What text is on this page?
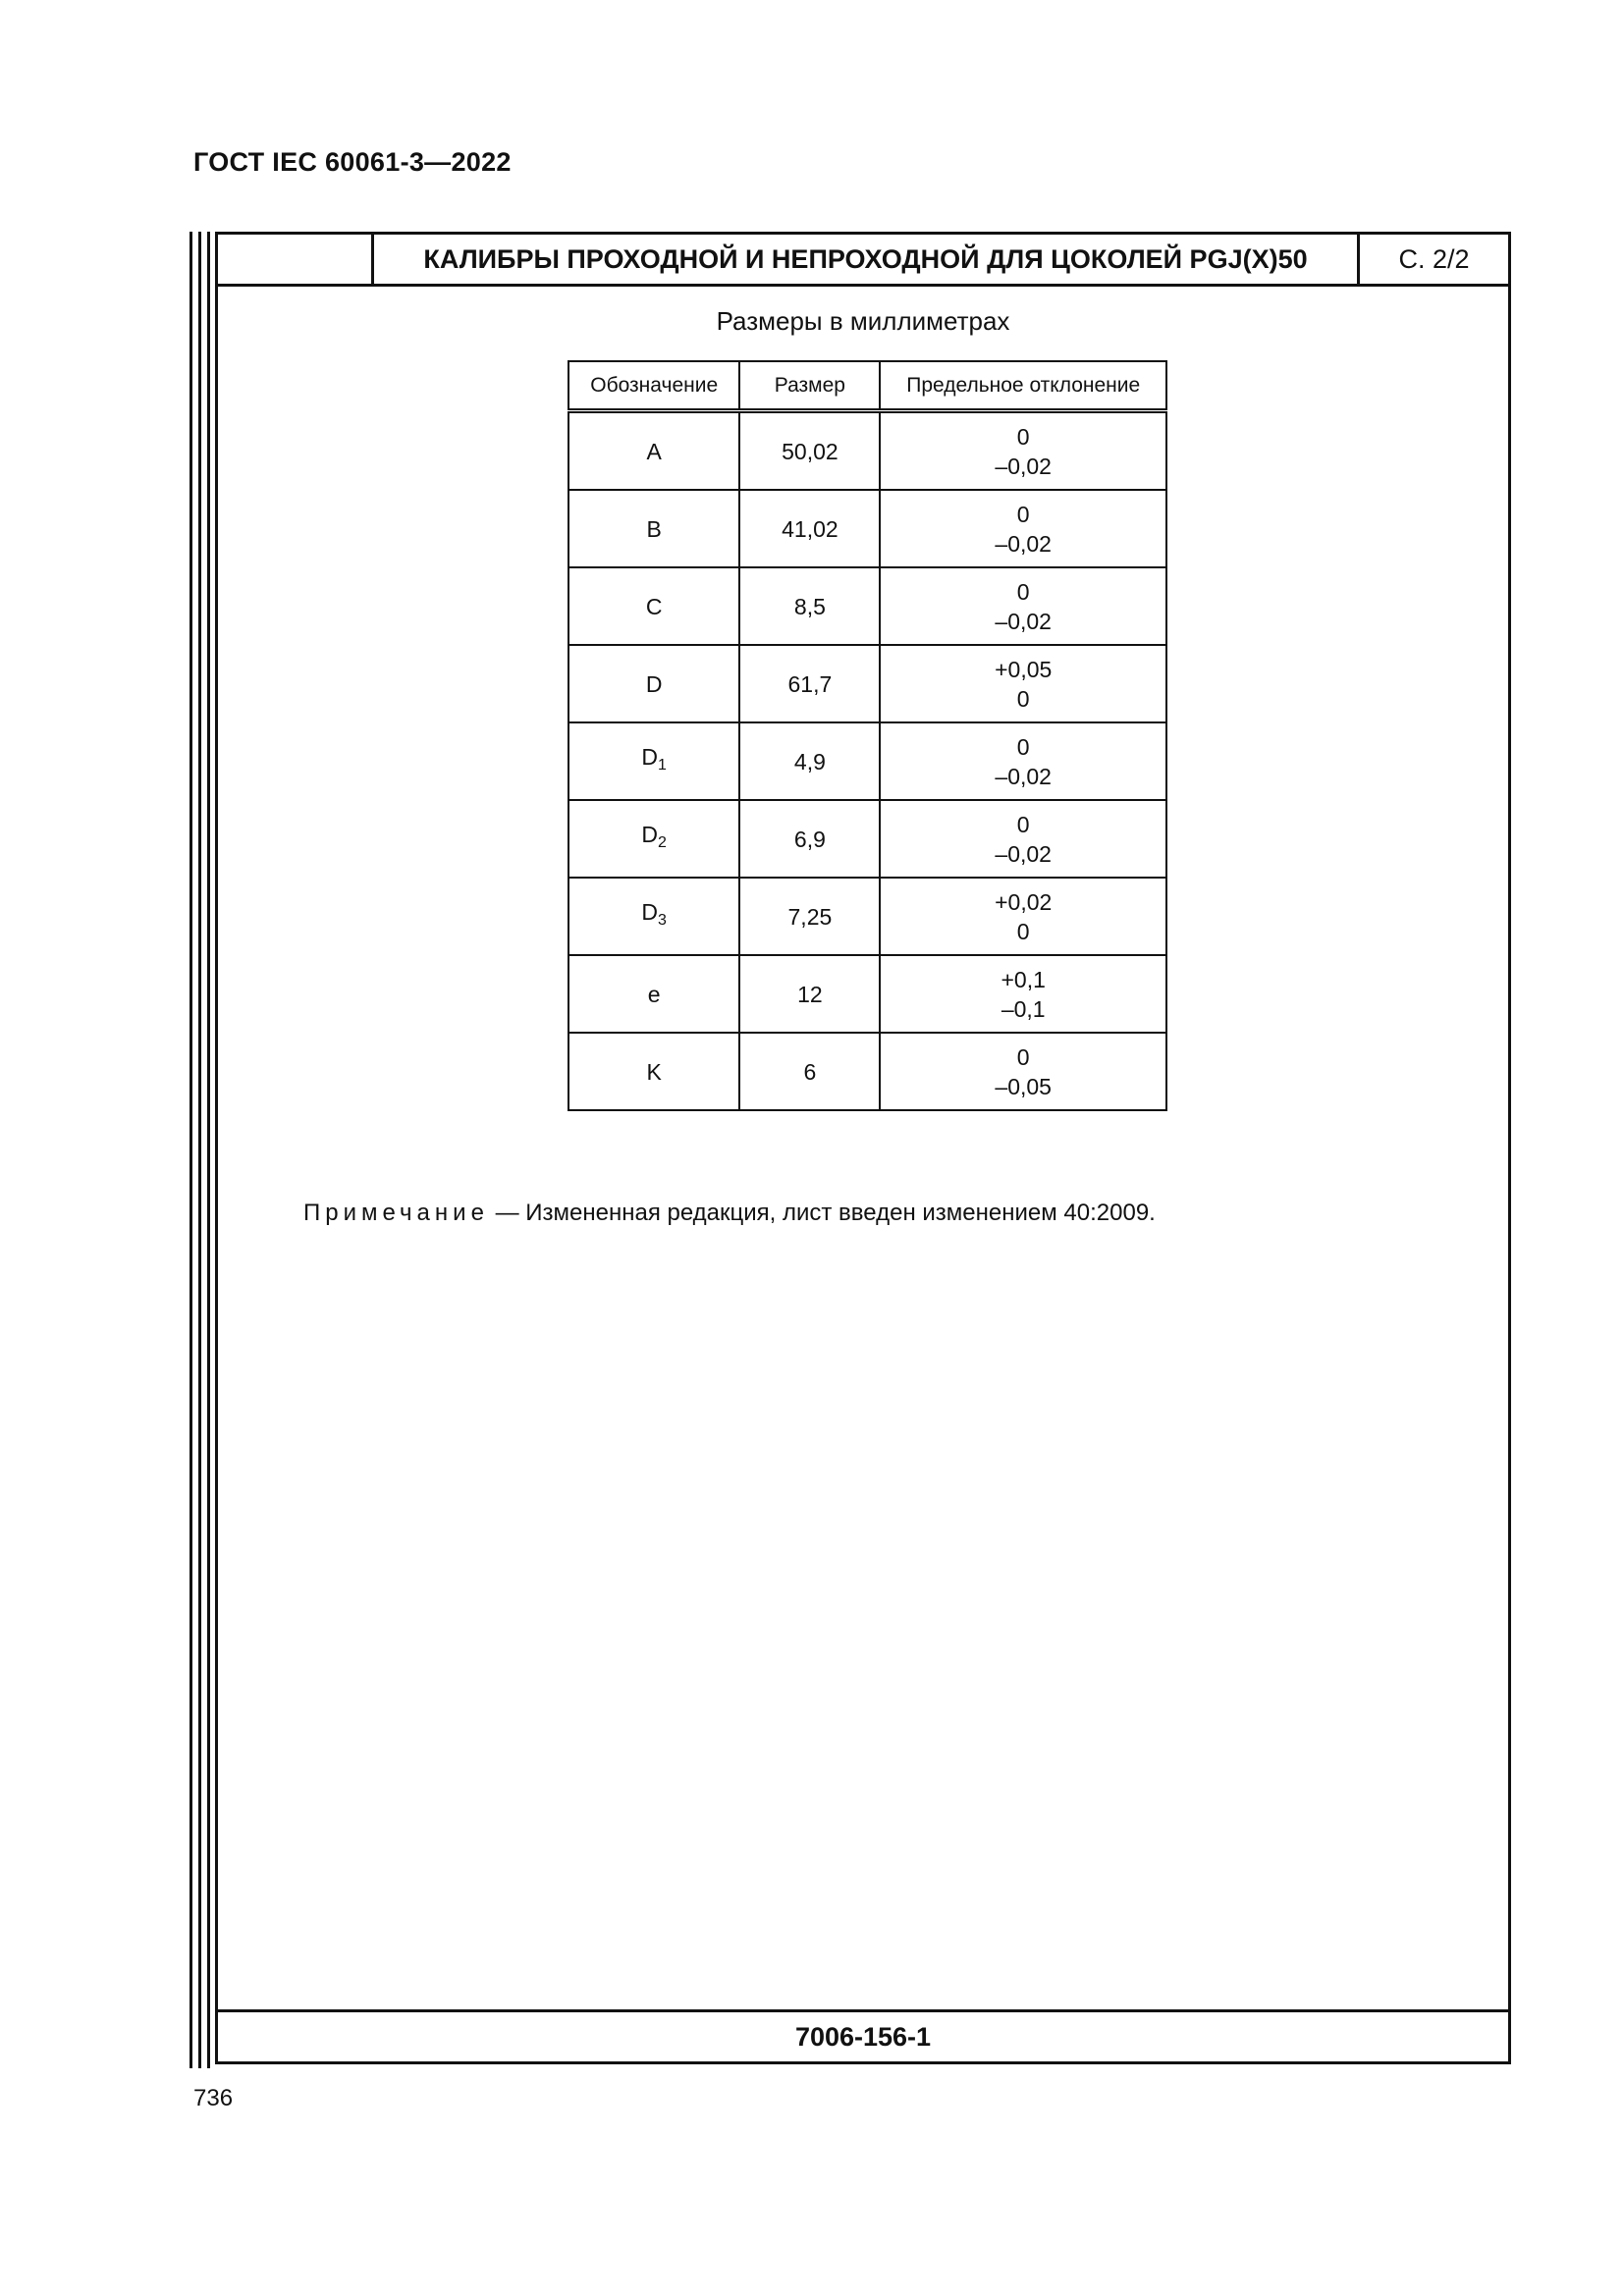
ГОСТ IEC 60061-3—2022
КАЛИБРЫ ПРОХОДНОЙ И НЕПРОХОДНОЙ ДЛЯ ЦОКОЛЕЙ PGJ(X)50	С. 2/2
Размеры в миллиметрах
Обозначение	Размер	Предельное отклонение
A	50,02	0
–0,02

B	41,02	0
–0,02

C	8,5	0
–0,02

D	61,7	+0,05
0

$D_1$	4,9	0
–0,02

$D_2$	6,9	0
–0,02

$D_3$	7,25	+0,02
0

e	12	+0,1
–0,1

K	6	0
–0,05
Примечание — Измененная редакция, лист введен изменением 40:2009.
7006-156-1
736
